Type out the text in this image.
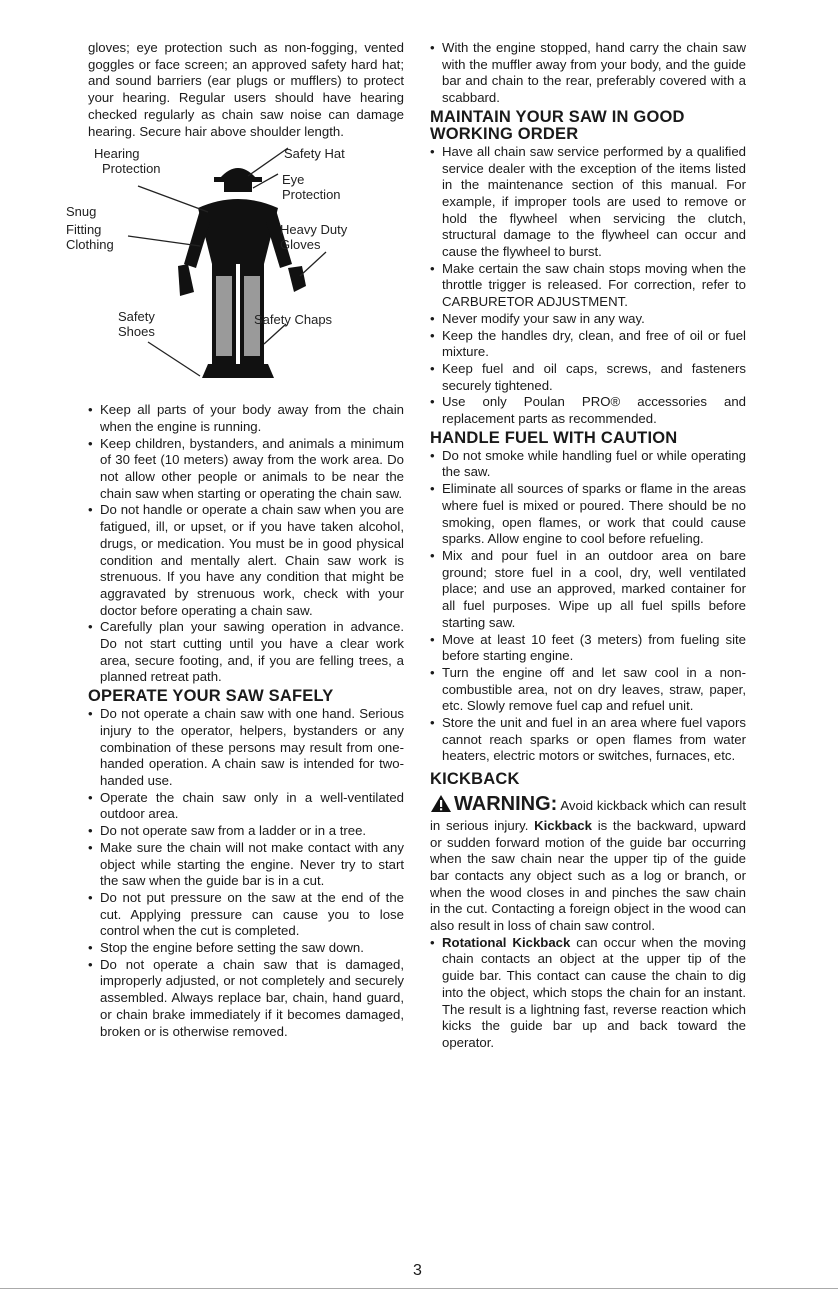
gloves; eye protection such as non-fogging, vented goggles or face screen; an approved safety hard hat; and sound barriers (ear plugs or mufflers) to protect your hearing. Regular users should have hearing checked regularly as chain saw noise can damage hearing. Secure hair above shoulder length.

Hearing
Protection
Safety Hat
Eye
Protection
Snug
Fitting
Clothing
Heavy Duty
Gloves
Safety
Shoes
Safety Chaps
• Keep all parts of your body away from the chain when the engine is running.
• Keep children, bystanders, and animals a minimum of 30 feet (10 meters) away from the work area. Do not allow other people or animals to be near the chain saw when starting or operating the chain saw.
• Do not handle or operate a chain saw when you are fatigued, ill, or upset, or if you have taken alcohol, drugs, or medication. You must be in good physical condition and mentally alert. Chain saw work is strenuous. If you have any condition that might be aggravated by strenuous work, check with your doctor before operating a chain saw.
• Carefully plan your sawing operation in advance. Do not start cutting until you have a clear work area, secure footing, and, if you are felling trees, a planned retreat path.
OPERATE YOUR SAW SAFELY
• Do not operate a chain saw with one hand. Serious injury to the operator, helpers, bystanders or any combination of these persons may result from one-handed operation. A chain saw is intended for two-handed use.
• Operate the chain saw only in a well-ventilated outdoor area.
• Do not operate saw from a ladder or in a tree.
• Make sure the chain will not make contact with any object while starting the engine. Never try to start the saw when the guide bar is in a cut.
• Do not put pressure on the saw at the end of the cut. Applying pressure can cause you to lose control when the cut is completed.
• Stop the engine before setting the saw down.
• Do not operate a chain saw that is damaged, improperly adjusted, or not completely and securely assembled. Always replace bar, chain, hand guard, or chain brake immediately if it becomes damaged, broken or is otherwise removed.
• With the engine stopped, hand carry the chain saw with the muffler away from your body, and the guide bar and chain to the rear, preferably covered with a scabbard.
MAINTAIN YOUR SAW IN GOOD WORKING ORDER
• Have all chain saw service performed by a qualified service dealer with the exception of the items listed in the maintenance section of this manual. For example, if improper tools are used to remove or hold the flywheel when servicing the clutch, structural damage to the flywheel can occur and cause the flywheel to burst.
• Make certain the saw chain stops moving when the throttle trigger is released. For correction, refer to CARBURETOR ADJUSTMENT.
• Never modify your saw in any way.
• Keep the handles dry, clean, and free of oil or fuel mixture.
• Keep fuel and oil caps, screws, and fasteners securely tightened.
• Use only Poulan PRO® accessories and replacement parts as recommended.
HANDLE FUEL WITH CAUTION
• Do not smoke while handling fuel or while operating the saw.
• Eliminate all sources of sparks or flame in the areas where fuel is mixed or poured. There should be no smoking, open flames, or work that could cause sparks. Allow engine to cool before refueling.
• Mix and pour fuel in an outdoor area on bare ground; store fuel in a cool, dry, well ventilated place; and use an approved, marked container for all fuel purposes. Wipe up all fuel spills before starting saw.
• Move at least 10 feet (3 meters) from fueling site before starting engine.
• Turn the engine off and let saw cool in a non-combustible area, not on dry leaves, straw, paper, etc. Slowly remove fuel cap and refuel unit.
• Store the unit and fuel in an area where fuel vapors cannot reach sparks or open flames from water heaters, electric motors or switches, furnaces, etc.
KICKBACK

WARNING: Avoid kickback which can result in serious injury. Kickback is the backward, upward or sudden forward motion of the guide bar occurring when the saw chain near the upper tip of the guide bar contacts any object such as a log or branch, or when the wood closes in and pinches the saw chain in the cut. Contacting a foreign object in the wood can also result in loss of chain saw control.

• Rotational Kickback can occur when the moving chain contacts an object at the upper tip of the guide bar. This contact can cause the chain to dig into the object, which stops the chain for an instant. The result is a lightning fast, reverse reaction which kicks the guide bar up and back toward the operator.
3
